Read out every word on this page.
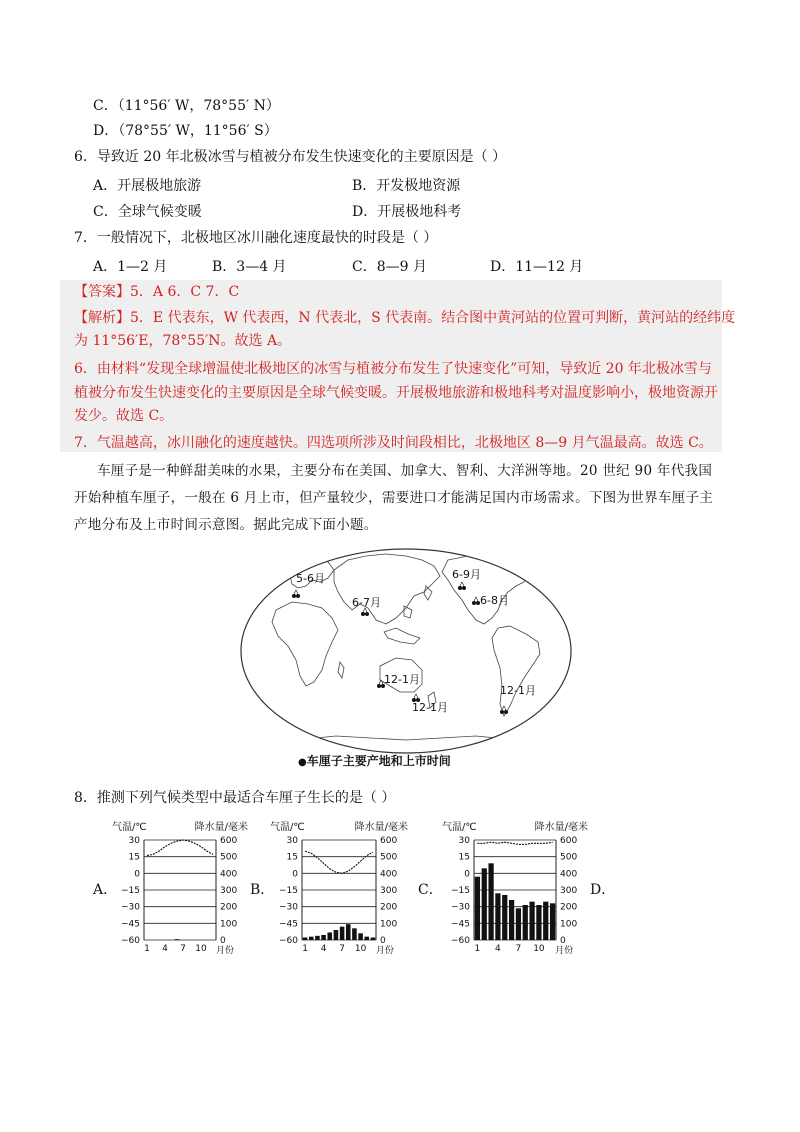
C．（11°56′ W，78°55′ N）
D．（78°55′ W，11°56′ S）
6．导致近 20 年北极冰雪与植被分布发生快速变化的主要原因是（ ）
A．开展极地旅游	B．开发极地资源
C．全球气候变暖	D．开展极地科考
7．一般情况下，北极地区冰川融化速度最快的时段是（ ）
A．1—2 月	B．3—4 月	C．8—9 月	D．11—12 月
【答案】5．A 6．C 7．C
【解析】5．E 代表东，W 代表西，N 代表北，S 代表南。结合图中黄河站的位置可判断，黄河站的经纬度
为 11°56′E，78°55′N。故选 A。
6．由材料“发现全球增温使北极地区的冰雪与植被分布发生了快速变化”可知，导致近 20 年北极冰雪与
植被分布发生快速变化的主要原因是全球气候变暖。开展极地旅游和极地科考对温度影响小，极地资源开
发少。故选 C。
7．气温越高，冰川融化的速度越快。四选项所涉及时间段相比，北极地区 8—9 月气温最高。故选 C。
车厘子是一种鲜甜美味的水果，主要分布在美国、加拿大、智利、大洋洲等地。20 世纪 90 年代我国
开始种植车厘子，一般在 6 月上市，但产量较少，需要进口才能满足国内市场需求。下图为世界车厘子主
产地分布及上市时间示意图。据此完成下面小题。
5-6月
6-7月
6-9月
6-8月
12-1月
12-1月
12-1月
●车厘子主要产地和上市时间
8．推测下列气候类型中最适合车厘子生长的是（ ）
A．	B．	C．	D．
气温/℃	降水量/毫米
30
15
0
−15
−30
−45
−60
600
500
400
300
200
100
0
1 4 7 10 月份
气温/℃	降水量/毫米
30
15
0
−15
−30
−45
−60
600
500
400
300
200
100
0
1 4 7 10 月份
气温/℃	降水量/毫米
30
15
0
−15
−30
−45
−60
600
500
400
300
200
100
0
1 4 7 10 月份
